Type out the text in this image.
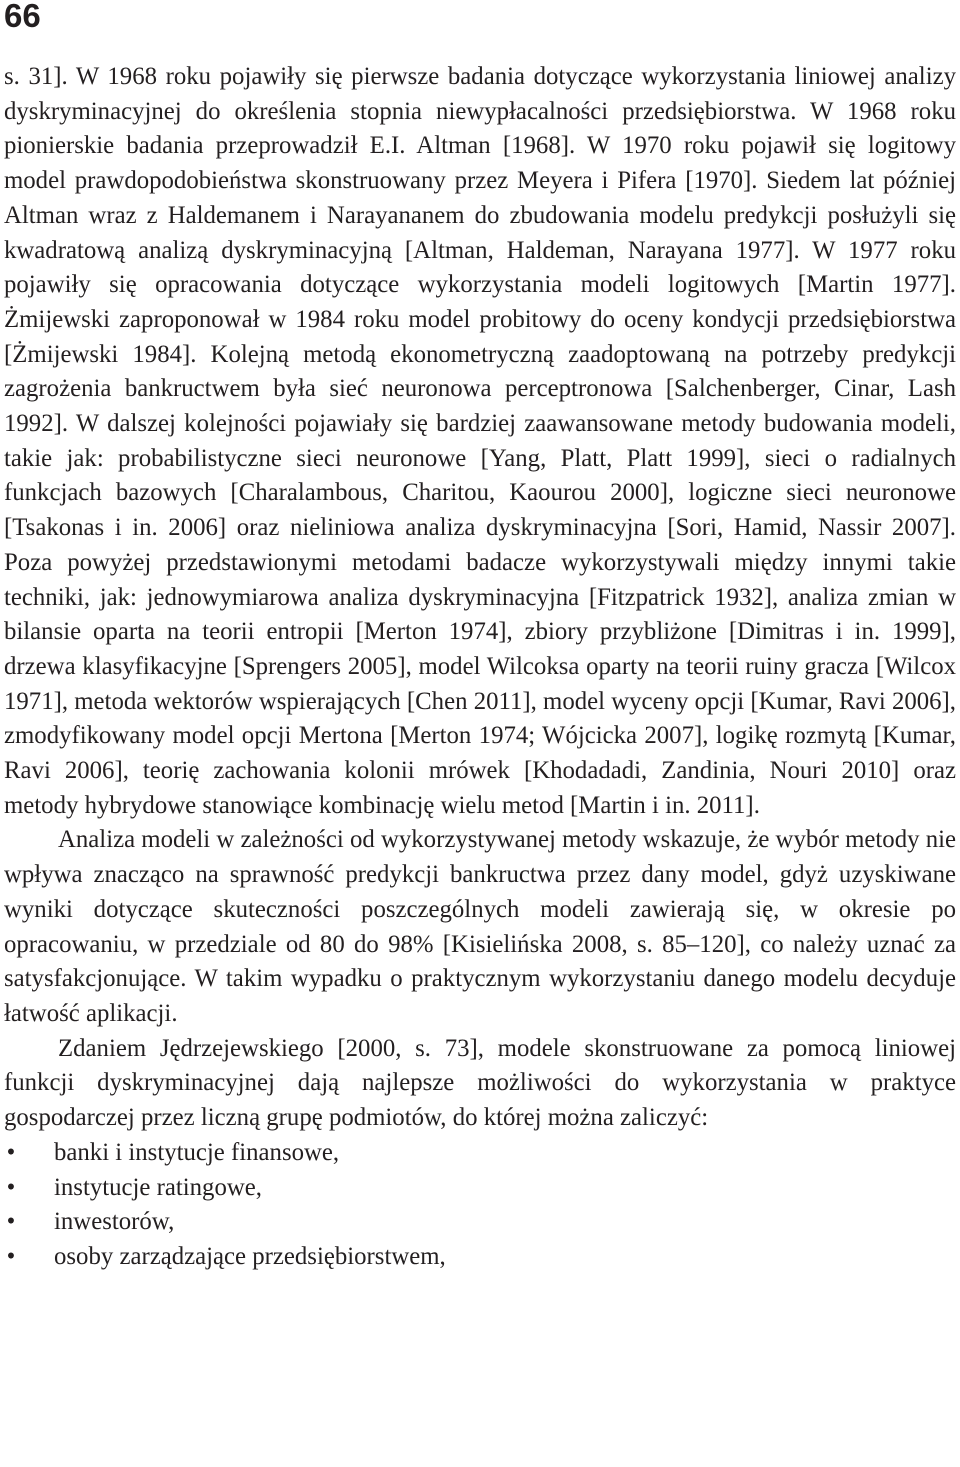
66

s. 31]. W 1968 roku pojawiły się pierwsze badania dotyczące wykorzystania liniowej analizy dyskryminacyjnej do określenia stopnia niewypłacalności przedsiębiorstwa. W 1968 roku pionierskie badania przeprowadził E.I. Altman [1968]. W 1970 roku pojawił się logitowy model prawdopodobieństwa skonstruowany przez Meyera i Pifera [1970]. Siedem lat później Altman wraz z Haldemanem i Narayananem do zbudowania modelu predykcji posłużyli się kwadratową analizą dyskryminacyjną [Altman, Haldeman, Narayana 1977]. W 1977 roku pojawiły się opracowania dotyczące wykorzystania modeli logitowych [Martin 1977]. Żmijewski zaproponował w 1984 roku model probitowy do oceny kondycji przedsiębiorstwa [Żmijewski 1984]. Kolejną metodą ekonometryczną zaadoptowaną na potrzeby predykcji zagrożenia bankructwem była sieć neuronowa perceptronowa [Salchenberger, Cinar, Lash 1992]. W dalszej kolejności pojawiały się bardziej zaawansowane metody budowania modeli, takie jak: probabilistyczne sieci neuronowe [Yang, Platt, Platt 1999], sieci o radialnych funkcjach bazowych [Charalambous, Charitou, Kaourou 2000], logiczne sieci neuronowe [Tsakonas i in. 2006] oraz nieliniowa analiza dyskryminacyjna [Sori, Hamid, Nassir 2007]. Poza powyżej przedstawionymi metodami badacze wykorzystywali między innymi takie techniki, jak: jednowymiarowa analiza dyskryminacyjna [Fitzpatrick 1932], analiza zmian w bilansie oparta na teorii entropii [Merton 1974], zbiory przybliżone [Dimitras i in. 1999], drzewa klasyfikacyjne [Sprengers 2005], model Wilcoksa oparty na teorii ruiny gracza [Wilcox 1971], metoda wektorów wspierających [Chen 2011], model wyceny opcji [Kumar, Ravi 2006], zmodyfikowany model opcji Mertona [Merton 1974; Wójcicka 2007], logikę rozmytą [Kumar, Ravi 2006], teorię zachowania kolonii mrówek [Khodadadi, Zandinia, Nouri 2010] oraz metody hybrydowe stanowiące kombinację wielu metod [Martin i in. 2011].

Analiza modeli w zależności od wykorzystywanej metody wskazuje, że wybór metody nie wpływa znacząco na sprawność predykcji bankructwa przez dany model, gdyż uzyskiwane wyniki dotyczące skuteczności poszczególnych modeli zawierają się, w okresie po opracowaniu, w przedziale od 80 do 98% [Kisielińska 2008, s. 85–120], co należy uznać za satysfakcjonujące. W takim wypadku o praktycznym wykorzystaniu danego modelu decyduje łatwość aplikacji.

Zdaniem Jędrzejewskiego [2000, s. 73], modele skonstruowane za pomocą liniowej funkcji dyskryminacyjnej dają najlepsze możliwości do wykorzystania w praktyce gospodarczej przez liczną grupę podmiotów, do której można zaliczyć:

• banki i instytucje finansowe,
• instytucje ratingowe,
• inwestorów,
• osoby zarządzające przedsiębiorstwem,
